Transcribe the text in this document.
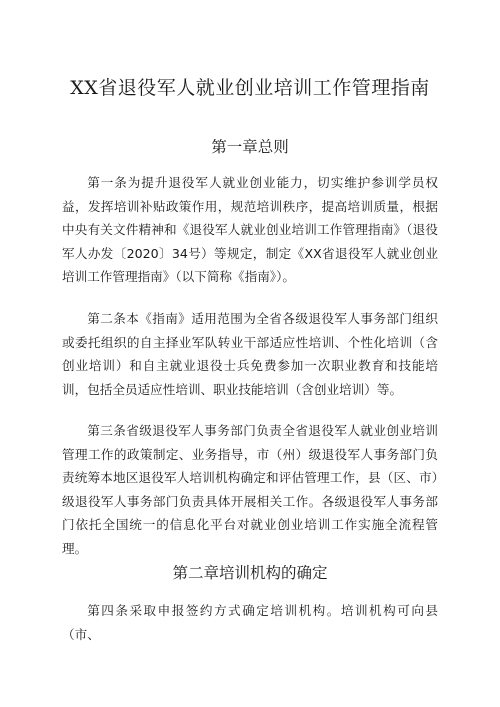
XX省退役军人就业创业培训工作管理指南
第一章总则

第一条为提升退役军人就业创业能力，切实维护参训学员权益，发挥培训补贴政策作用，规范培训秩序，提高培训质量，根据中央有关文件精神和《退役军人就业创业培训工作管理指南》（退役军人办发〔2020〕34号）等规定，制定《XX省退役军人就业创业培训工作管理指南》（以下简称《指南》）。

第二条本《指南》适用范围为全省各级退役军人事务部门组织或委托组织的自主择业军队转业干部适应性培训、个性化培训（含创业培训）和自主就业退役士兵免费参加一次职业教育和技能培训，包括全员适应性培训、职业技能培训（含创业培训）等。

第三条省级退役军人事务部门负责全省退役军人就业创业培训管理工作的政策制定、业务指导，市（州）级退役军人事务部门负责统筹本地区退役军人培训机构确定和评估管理工作，县（区、市）级退役军人事务部门负责具体开展相关工作。各级退役军人事务部门依托全国统一的信息化平台对就业创业培训工作实施全流程管理。

第二章培训机构的确定

第四条采取申报签约方式确定培训机构。培训机构可向县（市、
